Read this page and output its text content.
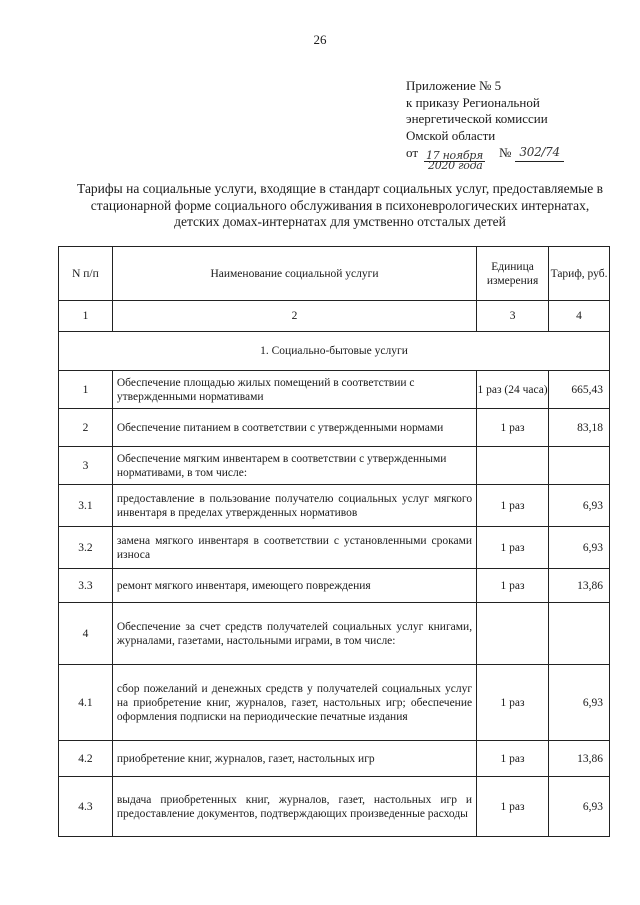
26
Приложение № 5
к приказу Региональной
энергетической комиссии
Омской области
от 17 ноября
2020 года
№ 302/74
Тарифы на социальные услуги, входящие в стандарт социальных услуг, предоставляемые в стационарной форме социального обслуживания в психоневрологических интернатах, детских домах-интернатах для умственно отсталых детей
N п/п	Наименование социальной услуги	Единица измерения	Тариф, руб.
1	2	3	4
1. Социально-бытовые услуги			
1	Обеспечение площадью жилых помещений в соответствии с утвержденными нормативами	1 раз (24 часа)	665,43
2	Обеспечение питанием в соответствии с утвержденными нормами	1 раз	83,18
3	Обеспечение мягким инвентарем в соответствии с утвержденными нормативами, в том числе:		
3.1	предоставление в пользование получателю социальных услуг мягкого инвентаря в пределах утвержденных нормативов	1 раз	6,93
3.2	замена мягкого инвентаря в соответствии с установленными сроками износа	1 раз	6,93
3.3	ремонт мягкого инвентаря, имеющего повреждения	1 раз	13,86
4	Обеспечение за счет средств получателей социальных услуг книгами, журналами, газетами, настольными играми, в том числе:		
4.1	сбор пожеланий и денежных средств у получателей социальных услуг на приобретение книг, журналов, газет, настольных игр; обеспечение оформления подписки на периодические печатные издания	1 раз	6,93
4.2	приобретение книг, журналов, газет, настольных игр	1 раз	13,86
4.3	выдача приобретенных книг, журналов, газет, настольных игр и предоставление документов, подтверждающих произведенные расходы	1 раз	6,93
